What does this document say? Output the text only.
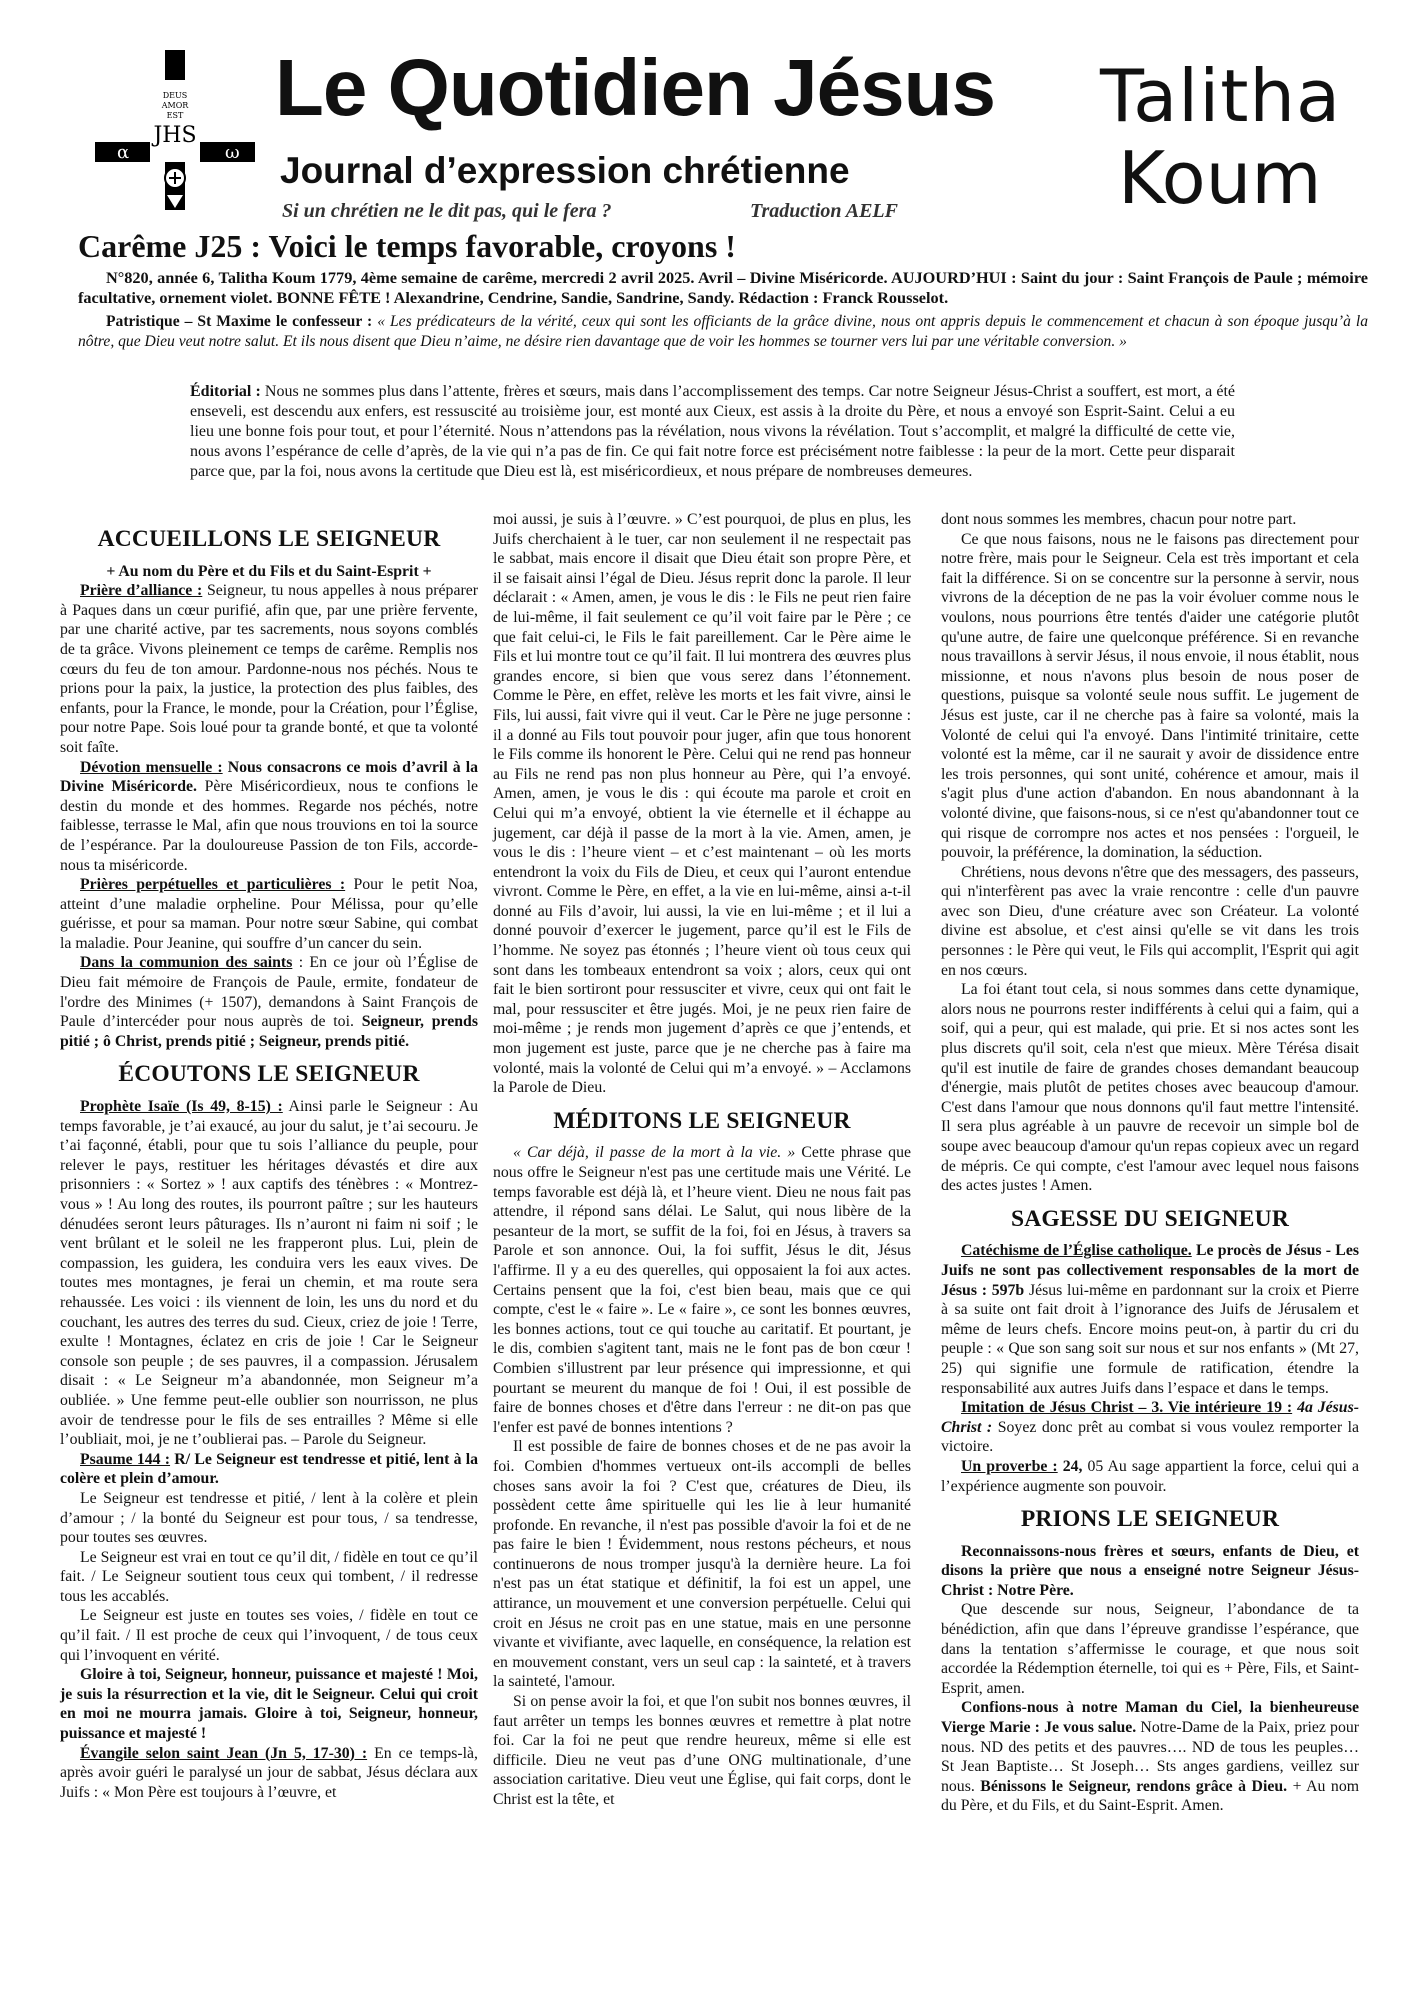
DEUS
AMOR
EST
JHS
α	ω
Le Quotidien Jésus
Journal d’expression chrétienne
Si un chrétien ne le dit pas, qui le fera ?	Traduction AELF
Talitha
Koum
Carême J25 : Voici le temps favorable, croyons !
N°820, année 6, Talitha Koum 1779, 4ème semaine de carême, mercredi 2 avril 2025. Avril – Divine Miséricorde. AUJOURD’HUI : Saint du jour : Saint François de Paule ; mémoire facultative, ornement violet. BONNE FÊTE ! Alexandrine, Cendrine, Sandie, Sandrine, Sandy. Rédaction : Franck Rousselot.
Patristique – St Maxime le confesseur : « Les prédicateurs de la vérité, ceux qui sont les officiants de la grâce divine, nous ont appris depuis le commencement et chacun à son époque jusqu’à la nôtre, que Dieu veut notre salut. Et ils nous disent que Dieu n’aime, ne désire rien davantage que de voir les hommes se tourner vers lui par une véritable conversion. »
Éditorial : Nous ne sommes plus dans l’attente, frères et sœurs, mais dans l’accomplissement des temps. Car notre Seigneur Jésus-Christ a souffert, est mort, a été enseveli, est descendu aux enfers, est ressuscité au troisième jour, est monté aux Cieux, est assis à la droite du Père, et nous a envoyé son Esprit-Saint. Celui a eu lieu une bonne fois pour tout, et pour l’éternité. Nous n’attendons pas la révélation, nous vivons la révélation. Tout s’accomplit, et malgré la difficulté de cette vie, nous avons l’espérance de celle d’après, de la vie qui n’a pas de fin. Ce qui fait notre force est précisément notre faiblesse : la peur de la mort. Cette peur disparait parce que, par la foi, nous avons la certitude que Dieu est là, est miséricordieux, et nous prépare de nombreuses demeures.
ACCUEILLONS LE SEIGNEUR

+ Au nom du Père et du Fils et du Saint-Esprit +

Prière d’alliance : Seigneur, tu nous appelles à nous préparer à Paques dans un cœur purifié, afin que, par une prière fervente, par une charité active, par tes sacrements, nous soyons comblés de ta grâce. Vivons pleinement ce temps de carême. Remplis nos cœurs du feu de ton amour. Pardonne-nous nos péchés. Nous te prions pour la paix, la justice, la protection des plus faibles, des enfants, pour la France, le monde, pour la Création, pour l’Église, pour notre Pape. Sois loué pour ta grande bonté, et que ta volonté soit faîte.

Dévotion mensuelle : Nous consacrons ce mois d’avril à la Divine Miséricorde. Père Miséricordieux, nous te confions le destin du monde et des hommes. Regarde nos péchés, notre faiblesse, terrasse le Mal, afin que nous trouvions en toi la source de l’espérance. Par la douloureuse Passion de ton Fils, accorde-nous ta miséricorde.

Prières perpétuelles et particulières : Pour le petit Noa, atteint d’une maladie orpheline. Pour Mélissa, pour qu’elle guérisse, et pour sa maman. Pour notre sœur Sabine, qui combat la maladie. Pour Jeanine, qui souffre d’un cancer du sein.

Dans la communion des saints : En ce jour où l’Église de Dieu fait mémoire de François de Paule, ermite, fondateur de l'ordre des Minimes (+ 1507), demandons à Saint François de Paule d’intercéder pour nous auprès de toi. Seigneur, prends pitié ; ô Christ, prends pitié ; Seigneur, prends pitié.

ÉCOUTONS LE SEIGNEUR

Prophète Isaïe (Is 49, 8-15) : Ainsi parle le Seigneur : Au temps favorable, je t’ai exaucé, au jour du salut, je t’ai secouru. Je t’ai façonné, établi, pour que tu sois l’alliance du peuple, pour relever le pays, restituer les héritages dévastés et dire aux prisonniers : « Sortez » ! aux captifs des ténèbres : « Montrez-vous » ! Au long des routes, ils pourront paître ; sur les hauteurs dénudées seront leurs pâturages. Ils n’auront ni faim ni soif ; le vent brûlant et le soleil ne les frapperont plus. Lui, plein de compassion, les guidera, les conduira vers les eaux vives. De toutes mes montagnes, je ferai un chemin, et ma route sera rehaussée. Les voici : ils viennent de loin, les uns du nord et du couchant, les autres des terres du sud. Cieux, criez de joie ! Terre, exulte ! Montagnes, éclatez en cris de joie ! Car le Seigneur console son peuple ; de ses pauvres, il a compassion. Jérusalem disait : « Le Seigneur m’a abandonnée, mon Seigneur m’a oubliée. » Une femme peut-elle oublier son nourrisson, ne plus avoir de tendresse pour le fils de ses entrailles ? Même si elle l’oubliait, moi, je ne t’oublierai pas. – Parole du Seigneur.

Psaume 144 : R/ Le Seigneur est tendresse et pitié, lent à la colère et plein d’amour.

Le Seigneur est tendresse et pitié, / lent à la colère et plein d’amour ; / la bonté du Seigneur est pour tous, / sa tendresse, pour toutes ses œuvres.

Le Seigneur est vrai en tout ce qu’il dit, / fidèle en tout ce qu’il fait. / Le Seigneur soutient tous ceux qui tombent, / il redresse tous les accablés.

Le Seigneur est juste en toutes ses voies, / fidèle en tout ce qu’il fait. / Il est proche de ceux qui l’invoquent, / de tous ceux qui l’invoquent en vérité.

Gloire à toi, Seigneur, honneur, puissance et majesté ! Moi, je suis la résurrection et la vie, dit le Seigneur. Celui qui croit en moi ne mourra jamais. Gloire à toi, Seigneur, honneur, puissance et majesté !

Évangile selon saint Jean (Jn 5, 17-30) : En ce temps-là, après avoir guéri le paralysé un jour de sabbat, Jésus déclara aux Juifs : « Mon Père est toujours à l’œuvre, et

moi aussi, je suis à l’œuvre. » C’est pourquoi, de plus en plus, les Juifs cherchaient à le tuer, car non seulement il ne respectait pas le sabbat, mais encore il disait que Dieu était son propre Père, et il se faisait ainsi l’égal de Dieu. Jésus reprit donc la parole. Il leur déclarait : « Amen, amen, je vous le dis : le Fils ne peut rien faire de lui-même, il fait seulement ce qu’il voit faire par le Père ; ce que fait celui-ci, le Fils le fait pareillement. Car le Père aime le Fils et lui montre tout ce qu’il fait. Il lui montrera des œuvres plus grandes encore, si bien que vous serez dans l’étonnement. Comme le Père, en effet, relève les morts et les fait vivre, ainsi le Fils, lui aussi, fait vivre qui il veut. Car le Père ne juge personne : il a donné au Fils tout pouvoir pour juger, afin que tous honorent le Fils comme ils honorent le Père. Celui qui ne rend pas honneur au Fils ne rend pas non plus honneur au Père, qui l’a envoyé. Amen, amen, je vous le dis : qui écoute ma parole et croit en Celui qui m’a envoyé, obtient la vie éternelle et il échappe au jugement, car déjà il passe de la mort à la vie. Amen, amen, je vous le dis : l’heure vient – et c’est maintenant – où les morts entendront la voix du Fils de Dieu, et ceux qui l’auront entendue vivront. Comme le Père, en effet, a la vie en lui-même, ainsi a-t-il donné au Fils d’avoir, lui aussi, la vie en lui-même ; et il lui a donné pouvoir d’exercer le jugement, parce qu’il est le Fils de l’homme. Ne soyez pas étonnés ; l’heure vient où tous ceux qui sont dans les tombeaux entendront sa voix ; alors, ceux qui ont fait le bien sortiront pour ressusciter et vivre, ceux qui ont fait le mal, pour ressusciter et être jugés. Moi, je ne peux rien faire de moi-même ; je rends mon jugement d’après ce que j’entends, et mon jugement est juste, parce que je ne cherche pas à faire ma volonté, mais la volonté de Celui qui m’a envoyé. » – Acclamons la Parole de Dieu.

MÉDITONS LE SEIGNEUR

« Car déjà, il passe de la mort à la vie. » Cette phrase que nous offre le Seigneur n'est pas une certitude mais une Vérité. Le temps favorable est déjà là, et l’heure vient. Dieu ne nous fait pas attendre, il répond sans délai. Le Salut, qui nous libère de la pesanteur de la mort, se suffit de la foi, foi en Jésus, à travers sa Parole et son annonce. Oui, la foi suffit, Jésus le dit, Jésus l'affirme. Il y a eu des querelles, qui opposaient la foi aux actes. Certains pensent que la foi, c'est bien beau, mais que ce qui compte, c'est le « faire ». Le « faire », ce sont les bonnes œuvres, les bonnes actions, tout ce qui touche au caritatif. Et pourtant, je le dis, combien s'agitent tant, mais ne le font pas de bon cœur ! Combien s'illustrent par leur présence qui impressionne, et qui pourtant se meurent du manque de foi ! Oui, il est possible de faire de bonnes choses et d'être dans l'erreur : ne dit-on pas que l'enfer est pavé de bonnes intentions ?

Il est possible de faire de bonnes choses et de ne pas avoir la foi. Combien d'hommes vertueux ont-ils accompli de belles choses sans avoir la foi ? C'est que, créatures de Dieu, ils possèdent cette âme spirituelle qui les lie à leur humanité profonde. En revanche, il n'est pas possible d'avoir la foi et de ne pas faire le bien ! Évidemment, nous restons pécheurs, et nous continuerons de nous tromper jusqu'à la dernière heure. La foi n'est pas un état statique et définitif, la foi est un appel, une attirance, un mouvement et une conversion perpétuelle. Celui qui croit en Jésus ne croit pas en une statue, mais en une personne vivante et vivifiante, avec laquelle, en conséquence, la relation est en mouvement constant, vers un seul cap : la sainteté, et à travers la sainteté, l'amour.

Si on pense avoir la foi, et que l'on subit nos bonnes œuvres, il faut arrêter un temps les bonnes œuvres et remettre à plat notre foi. Car la foi ne peut que rendre heureux, même si elle est difficile. Dieu ne veut pas d’une ONG multinationale, d’une association caritative. Dieu veut une Église, qui fait corps, dont le Christ est la tête, et

dont nous sommes les membres, chacun pour notre part.

Ce que nous faisons, nous ne le faisons pas directement pour notre frère, mais pour le Seigneur. Cela est très important et cela fait la différence. Si on se concentre sur la personne à servir, nous vivrons de la déception de ne pas la voir évoluer comme nous le voulons, nous pourrions être tentés d'aider une catégorie plutôt qu'une autre, de faire une quelconque préférence. Si en revanche nous travaillons à servir Jésus, il nous envoie, il nous établit, nous missionne, et nous n'avons plus besoin de nous poser de questions, puisque sa volonté seule nous suffit. Le jugement de Jésus est juste, car il ne cherche pas à faire sa volonté, mais la Volonté de celui qui l'a envoyé. Dans l'intimité trinitaire, cette volonté est la même, car il ne saurait y avoir de dissidence entre les trois personnes, qui sont unité, cohérence et amour, mais il s'agit plus d'une action d'abandon. En nous abandonnant à la volonté divine, que faisons-nous, si ce n'est qu'abandonner tout ce qui risque de corrompre nos actes et nos pensées : l'orgueil, le pouvoir, la préférence, la domination, la séduction.

Chrétiens, nous devons n'être que des messagers, des passeurs, qui n'interfèrent pas avec la vraie rencontre : celle d'un pauvre avec son Dieu, d'une créature avec son Créateur. La volonté divine est absolue, et c'est ainsi qu'elle se vit dans les trois personnes : le Père qui veut, le Fils qui accomplit, l'Esprit qui agit en nos cœurs.

La foi étant tout cela, si nous sommes dans cette dynamique, alors nous ne pourrons rester indifférents à celui qui a faim, qui a soif, qui a peur, qui est malade, qui prie. Et si nos actes sont les plus discrets qu'il soit, cela n'est que mieux. Mère Térésa disait qu'il est inutile de faire de grandes choses demandant beaucoup d'énergie, mais plutôt de petites choses avec beaucoup d'amour. C'est dans l'amour que nous donnons qu'il faut mettre l'intensité. Il sera plus agréable à un pauvre de recevoir un simple bol de soupe avec beaucoup d'amour qu'un repas copieux avec un regard de mépris. Ce qui compte, c'est l'amour avec lequel nous faisons des actes justes ! Amen.

SAGESSE DU SEIGNEUR

Catéchisme de l’Église catholique. Le procès de Jésus - Les Juifs ne sont pas collectivement responsables de la mort de Jésus : 597b Jésus lui-même en pardonnant sur la croix et Pierre à sa suite ont fait droit à l’ignorance des Juifs de Jérusalem et même de leurs chefs. Encore moins peut-on, à partir du cri du peuple : « Que son sang soit sur nous et sur nos enfants » (Mt 27, 25) qui signifie une formule de ratification, étendre la responsabilité aux autres Juifs dans l’espace et dans le temps.

Imitation de Jésus Christ – 3. Vie intérieure 19 : 4a Jésus-Christ : Soyez donc prêt au combat si vous voulez remporter la victoire.

Un proverbe : 24, 05 Au sage appartient la force, celui qui a l’expérience augmente son pouvoir.

PRIONS LE SEIGNEUR

Reconnaissons-nous frères et sœurs, enfants de Dieu, et disons la prière que nous a enseigné notre Seigneur Jésus-Christ : Notre Père.

Que descende sur nous, Seigneur, l’abondance de ta bénédiction, afin que dans l’épreuve grandisse l’espérance, que dans la tentation s’affermisse le courage, et que nous soit accordée la Rédemption éternelle, toi qui es + Père, Fils, et Saint-Esprit, amen.

Confions-nous à notre Maman du Ciel, la bienheureuse Vierge Marie : Je vous salue. Notre-Dame de la Paix, priez pour nous. ND des petits et des pauvres…. ND de tous les peuples… St Jean Baptiste… St Joseph… Sts anges gardiens, veillez sur nous. Bénissons le Seigneur, rendons grâce à Dieu. + Au nom du Père, et du Fils, et du Saint-Esprit. Amen.
